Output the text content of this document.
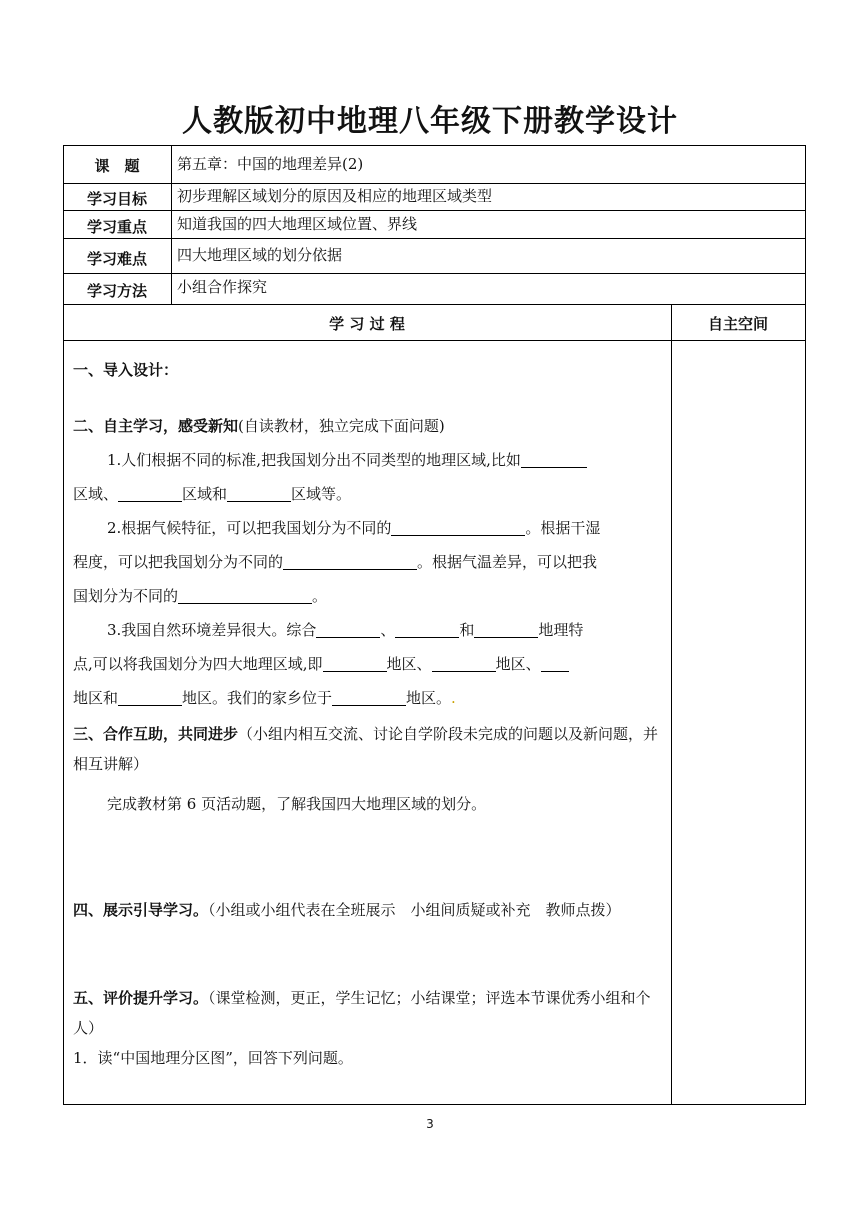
人教版初中地理八年级下册教学设计
课　题	第五章：中国的地理差异(2)
学习目标	初步理解区域划分的原因及相应的地理区域类型
学习重点	知道我国的四大地理区域位置、界线
学习难点	四大地理区域的划分依据
学习方法	小组合作探究
学 习 过 程	自主空间

一、导入设计：

二、自主学习，感受新知(自读教材，独立完成下面问题)

1.人们根据不同的标准,把我国划分出不同类型的地理区域,比如

区域、	区域和	区域等。

2.根据气候特征，可以把我国划分为不同的	。根据干湿

程度，可以把我国划分为不同的	。根据气温差异，可以把我

国划分为不同的	。

3.我国自然环境差异很大。综合	、	和	地理特

点,可以将我国划分为四大地理区域,即	地区、	地区、

地区和	地区。我们的家乡位于	地区。.

三、合作互助，共同进步（小组内相互交流、讨论自学阶段未完成的问题以及新问题，并相互讲解）

完成教材第 6 页活动题，了解我国四大地理区域的划分。

四、展示引导学习。（小组或小组代表在全班展示　小组间质疑或补充　教师点拨）

五、评价提升学习。（课堂检测，更正，学生记忆；小结课堂；评选本节课优秀小组和个人）

1．读“中国地理分区图”，回答下列问题。

3
